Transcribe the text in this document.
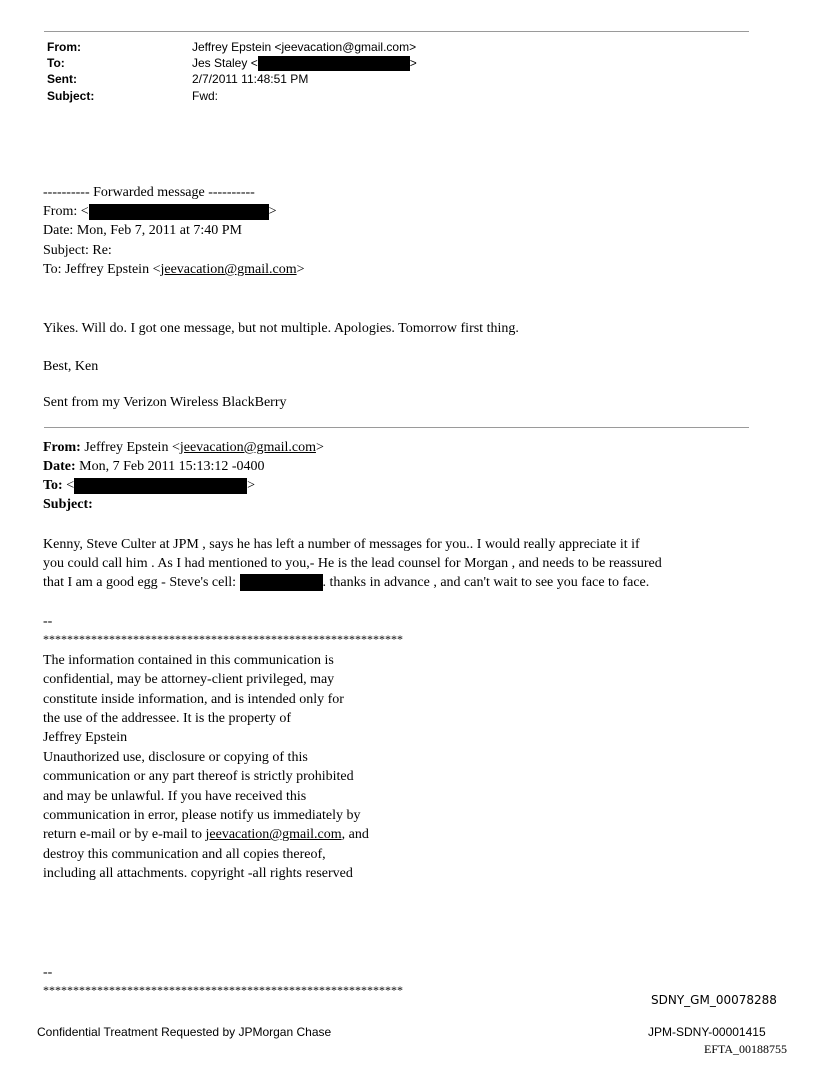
From:	Jeffrey Epstein <jeevacation@gmail.com>
To:	Jes Staley <	>
Sent:	2/7/2011 11:48:51 PM
Subject:	Fwd:
---------- Forwarded message ----------
From: <	>
Date: Mon, Feb 7, 2011 at 7:40 PM
Subject: Re:
To: Jeffrey Epstein <jeevacation@gmail.com>
Yikes. Will do. I got one message, but not multiple. Apologies. Tomorrow first thing.
Best, Ken
Sent from my Verizon Wireless BlackBerry
From: Jeffrey Epstein <jeevacation@gmail.com>
Date: Mon, 7 Feb 2011 15:13:12 -0400
To: <	>
Subject:
Kenny, Steve Culter at JPM , says he has left a number of messages for you.. I would really appreciate it if
you could call him . As I had mentioned to you,- He is the lead counsel for Morgan , and needs to be reassured
that I am a good egg - Steve's cell:	. thanks in advance , and can't wait to see you face to face.
--
************************************************************
The information contained in this communication is
confidential, may be attorney-client privileged, may
constitute inside information, and is intended only for
the use of the addressee. It is the property of
Jeffrey Epstein
Unauthorized use, disclosure or copying of this
communication or any part thereof is strictly prohibited
and may be unlawful. If you have received this
communication in error, please notify us immediately by
return e-mail or by e-mail to jeevacation@gmail.com, and
destroy this communication and all copies thereof,
including all attachments. copyright -all rights reserved
--
************************************************************
SDNY_GM_00078288
Confidential Treatment Requested by JPMorgan Chase	JPM-SDNY-00001415
EFTA_00188755
